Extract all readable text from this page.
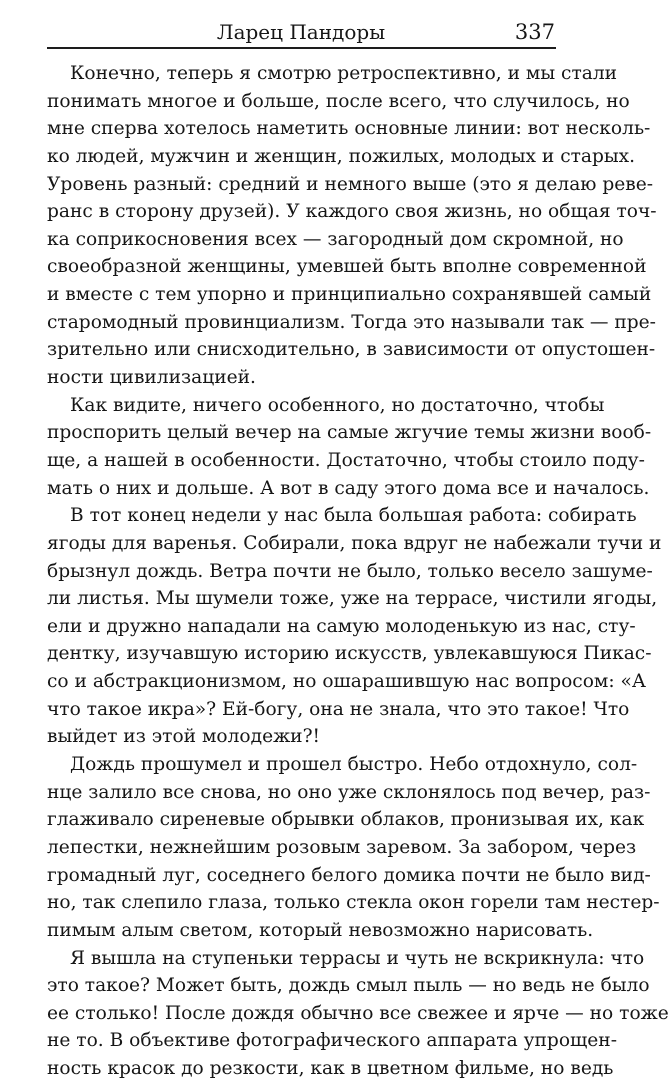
Ларец Пандоры	337
Конечно, теперь я смотрю ретроспективно, и мы стали
понимать многое и больше, после всего, что случилось, но
мне сперва хотелось наметить основные линии: вот несколь-
ко людей, мужчин и женщин, пожилых, молодых и старых.
Уровень разный: средний и немного выше (это я делаю реве-
ранс в сторону друзей). У каждого своя жизнь, но общая точ-
ка соприкосновения всех — загородный дом скромной, но
своеобразной женщины, умевшей быть вполне современной
и вместе с тем упорно и принципиально сохранявшей самый
старомодный провинциализм. Тогда это называли так — пре-
зрительно или снисходительно, в зависимости от опустошен-
ности цивилизацией.
Как видите, ничего особенного, но достаточно, чтобы
проспорить целый вечер на самые жгучие темы жизни вооб-
ще, а нашей в особенности. Достаточно, чтобы стоило поду-
мать о них и дольше. А вот в саду этого дома все и началось.
В тот конец недели у нас была большая работа: собирать
ягоды для варенья. Собирали, пока вдруг не набежали тучи и
брызнул дождь. Ветра почти не было, только весело зашуме-
ли листья. Мы шумели тоже, уже на террасе, чистили ягоды,
ели и дружно нападали на самую молоденькую из нас, сту-
дентку, изучавшую историю искусств, увлекавшуюся Пикас-
со и абстракционизмом, но ошарашившую нас вопросом: «А
что такое икра»? Ей-богу, она не знала, что это такое! Что
выйдет из этой молодежи?!
Дождь прошумел и прошел быстро. Небо отдохнуло, сол-
нце залило все снова, но оно уже склонялось под вечер, раз-
глаживало сиреневые обрывки облаков, пронизывая их, как
лепестки, нежнейшим розовым заревом. За забором, через
громадный луг, соседнего белого домика почти не было вид-
но, так слепило глаза, только стекла окон горели там нестер-
пимым алым светом, который невозможно нарисовать.
Я вышла на ступеньки террасы и чуть не вскрикнула: что
это такое? Может быть, дождь смыл пыль — но ведь не было
ее столько! После дождя обычно все свежее и ярче — но тоже
не то. В объективе фотографического аппарата упрощен-
ность красок до резкости, как в цветном фильме, но ведь
